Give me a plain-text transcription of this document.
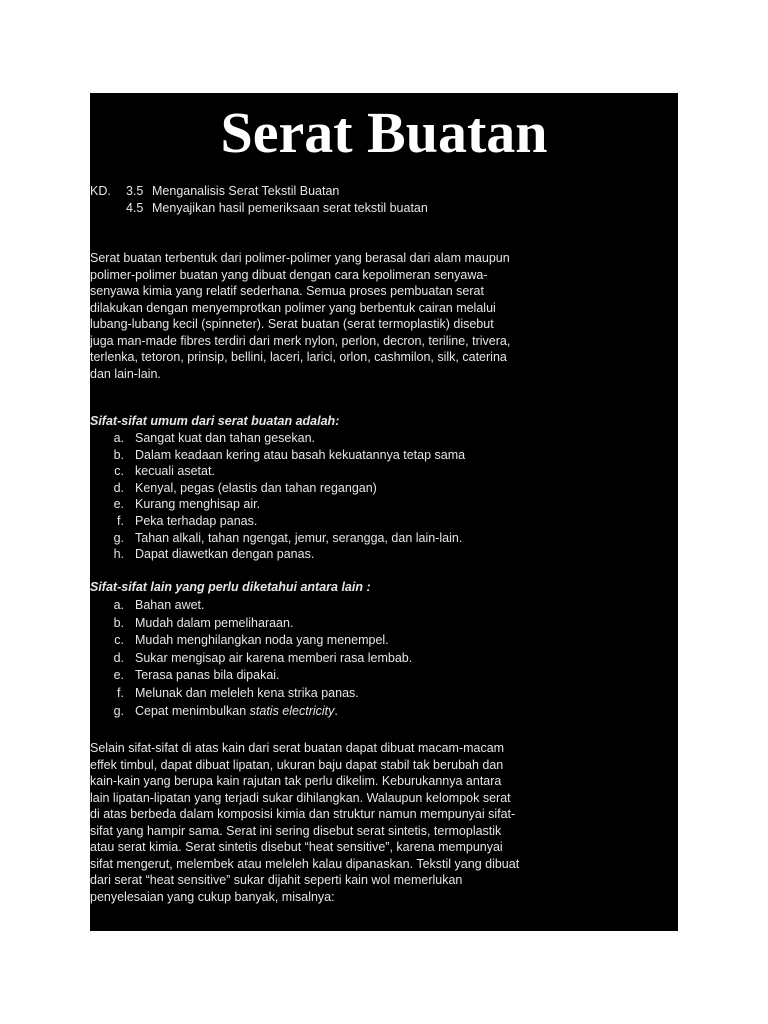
Serat Buatan
KD.	3.5 Menganalisis Serat Tekstil Buatan
4.5 Menyajikan hasil pemeriksaan serat tekstil buatan

Serat buatan terbentuk dari polimer-polimer yang berasal dari alam maupun polimer-polimer buatan yang dibuat dengan cara kepolimeran senyawa-senyawa kimia yang relatif sederhana. Semua proses pembuatan serat dilakukan dengan menyemprotkan polimer yang berbentuk cairan melalui lubang-lubang kecil (spinneter). Serat buatan (serat termoplastik) disebut juga man-made fibres terdiri dari merk nylon, perlon, decron, teriline, trivera, terlenka, tetoron, prinsip, bellini, laceri, larici, orlon, cashmilon, silk, caterina dan lain-lain.

Sifat-sifat umum dari serat buatan adalah:
a. Sangat kuat dan tahan gesekan.
b. Dalam keadaan kering atau basah kekuatannya tetap sama
c. kecuali asetat.
d. Kenyal, pegas (elastis dan tahan regangan)
e. Kurang menghisap air.
f. Peka terhadap panas.
g. Tahan alkali, tahan ngengat, jemur, serangga, dan lain-lain.
h. Dapat diawetkan dengan panas.
Sifat-sifat lain yang perlu diketahui antara lain :
a. Bahan awet.
b. Mudah dalam pemeliharaan.
c. Mudah menghilangkan noda yang menempel.
d. Sukar mengisap air karena memberi rasa lembab.
e. Terasa panas bila dipakai.
f. Melunak dan meleleh kena strika panas.
g. Cepat menimbulkan statis electricity.

Selain sifat-sifat di atas kain dari serat buatan dapat dibuat macam-macam effek timbul, dapat dibuat lipatan, ukuran baju dapat stabil tak berubah dan kain-kain yang berupa kain rajutan tak perlu dikelim. Keburukannya antara lain lipatan-lipatan yang terjadi sukar dihilangkan. Walaupun kelompok serat di atas berbeda dalam komposisi kimia dan struktur namun mempunyai sifat-sifat yang hampir sama. Serat ini sering disebut serat sintetis, termoplastik atau serat kimia. Serat sintetis disebut “heat sensitive”, karena mempunyai sifat mengerut, melembek atau meleleh kalau dipanaskan. Tekstil yang dibuat dari serat “heat sensitive” sukar dijahit seperti kain wol memerlukan penyelesaian yang cukup banyak, misalnya:
